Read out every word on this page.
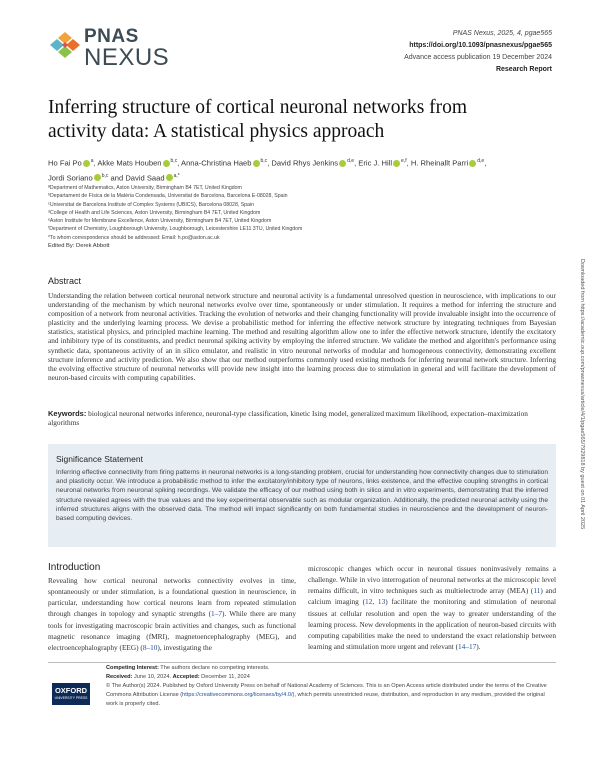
PNAS
NEXUS
PNAS Nexus, 2025, 4, pgae565
https://doi.org/10.1093/pnasnexus/pgae565
Advance access publication 19 December 2024
Research Report
Inferring structure of cortical neuronal networks from activity data: A statistical physics approach
Ho Fai Po $^a$, Akke Mats Houben $^{b,c}$, Anna-Christina Haeb $^{b,c}$, David Rhys Jenkins $^{d,e}$, Eric J. Hill $^{e,f}$, H. Rheinallt Parri $^{d,e}$,
Jordi Soriano $^{b,c}$ and David Saad $^{a,*}$
ªDepartment of Mathematics, Aston University, Birmingham B4 7ET, United Kingdom
ᵇDepartament de Física de la Matèria Condensada, Universitat de Barcelona, Barcelona E-08028, Spain
ᶜUniversitat de Barcelona Institute of Complex Systems (UBICS), Barcelona 08028, Spain
ᵈCollege of Health and Life Sciences, Aston University, Birmingham B4 7ET, United Kingdom
ᵉAston Institute for Membrane Excellence, Aston University, Birmingham B4 7ET, United Kingdom
ᶠDepartment of Chemistry, Loughborough University, Loughborough, Leicestershire LE11 3TU, United Kingdom
*To whom correspondence should be addressed: Email: h.po@aston.ac.uk
Edited By: Derek Abbott
Downloaded from https://academic.oup.com/pnasnexus/article/4/1/pgae565/7929818 by guest on 01 April 2025
Abstract
Understanding the relation between cortical neuronal network structure and neuronal activity is a fundamental unresolved question in neuroscience, with implications to our understanding of the mechanism by which neuronal networks evolve over time, spontaneously or under stimulation. It requires a method for inferring the structure and composition of a network from neuronal activities. Tracking the evolution of networks and their changing functionality will provide invaluable insight into the occurrence of plasticity and the underlying learning process. We devise a probabilistic method for inferring the effective network structure by integrating techniques from Bayesian statistics, statistical physics, and principled machine learning. The method and resulting algorithm allow one to infer the effective network structure, identify the excitatory and inhibitory type of its constituents, and predict neuronal spiking activity by employing the inferred structure. We validate the method and algorithm's performance using synthetic data, spontaneous activity of an in silico emulator, and realistic in vitro neuronal networks of modular and homogeneous connectivity, demonstrating excellent structure inference and activity prediction. We also show that our method outperforms commonly used existing methods for inferring neuronal network structure. Inferring the evolving effective structure of neuronal networks will provide new insight into the learning process due to stimulation in general and will facilitate the development of neuron-based circuits with computing capabilities.
Keywords: biological neuronal networks inference, neuronal-type classification, kinetic Ising model, generalized maximum likelihood, expectation–maximization algorithms
Significance Statement
Inferring effective connectivity from firing patterns in neuronal networks is a long-standing problem, crucial for understanding how connectivity changes due to stimulation and plasticity occur. We introduce a probabilistic method to infer the excitatory/inhibitory type of neurons, links existence, and the effective coupling strengths in cortical neuronal networks from neuronal spiking recordings. We validate the efficacy of our method using both in silico and in vitro experiments, demonstrating that the inferred structure revealed agrees with the true values and the key experimental observable such as modular organization. Additionally, the predicted neuronal activity using the inferred structures aligns with the observed data. The method will impact significantly on both fundamental studies in neuroscience and the development of neuron-based computing devices.
Introduction
Revealing how cortical neuronal networks connectivity evolves in time, spontaneously or under stimulation, is a foundational question in neuroscience, in particular, understanding how cortical neurons learn from repeated stimulation through changes in topology and synaptic strengths (1–7). While there are many tools for investigating macroscopic brain activities and changes, such as functional magnetic resonance imaging (fMRI), magnetoencephalography (MEG), and electroencephalography (EEG) (8–10), investigating the
microscopic changes which occur in neuronal tissues noninvasively remains a challenge. While in vivo interrogation of neuronal networks at the microscopic level remains difficult, in vitro techniques such as multielectrode array (MEA) (11) and calcium imaging (12, 13) facilitate the monitoring and stimulation of neuronal tissues at cellular resolution and open the way to greater understanding of the learning process. New developments in the application of neuron-based circuits with computing capabilities make the need to understand the exact relationship between learning and stimulation more urgent and relevant (14–17).
OXFORD
UNIVERSITY PRESS
Competing Interest: The authors declare no competing interests.
Received: June 10, 2024. Accepted: December 11, 2024
© The Author(s) 2024. Published by Oxford University Press on behalf of National Academy of Sciences. This is an Open Access article distributed under the terms of the Creative Commons Attribution License (https://creativecommons.org/licenses/by/4.0/), which permits unrestricted reuse, distribution, and reproduction in any medium, provided the original work is properly cited.
